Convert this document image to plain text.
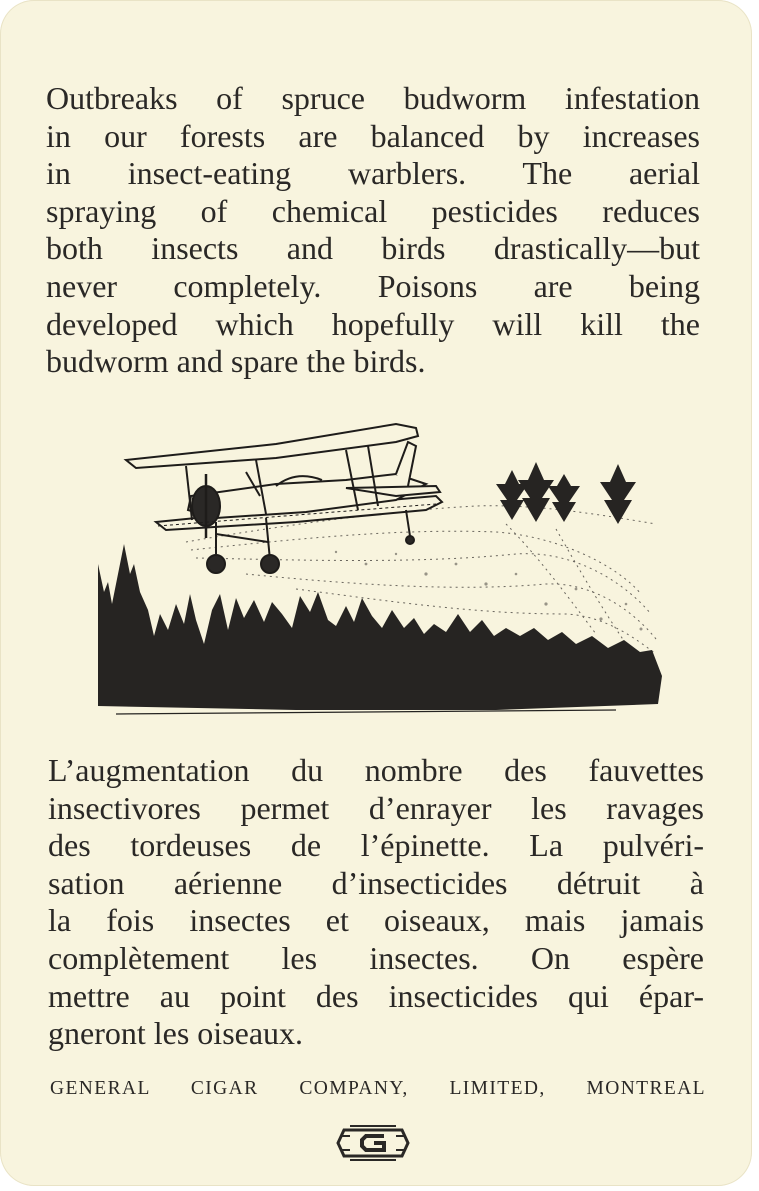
Outbreaks of spruce budworm infestation
in our forests are balanced by increases
in insect-eating warblers. The aerial
spraying of chemical pesticides reduces
both insects and birds drastically—but
never completely. Poisons are being
developed which hopefully will kill the
budworm and spare the birds.

L’augmentation du nombre des fauvettes
insectivores permet d’enrayer les ravages
des tordeuses de l’épinette. La pulvéri-
sation aérienne d’insecticides détruit à
la fois insectes et oiseaux, mais jamais
complètement les insectes. On espère
mettre au point des insecticides qui épar-
gneront les oiseaux.

GENERAL CIGAR COMPANY, LIMITED, MONTREAL
